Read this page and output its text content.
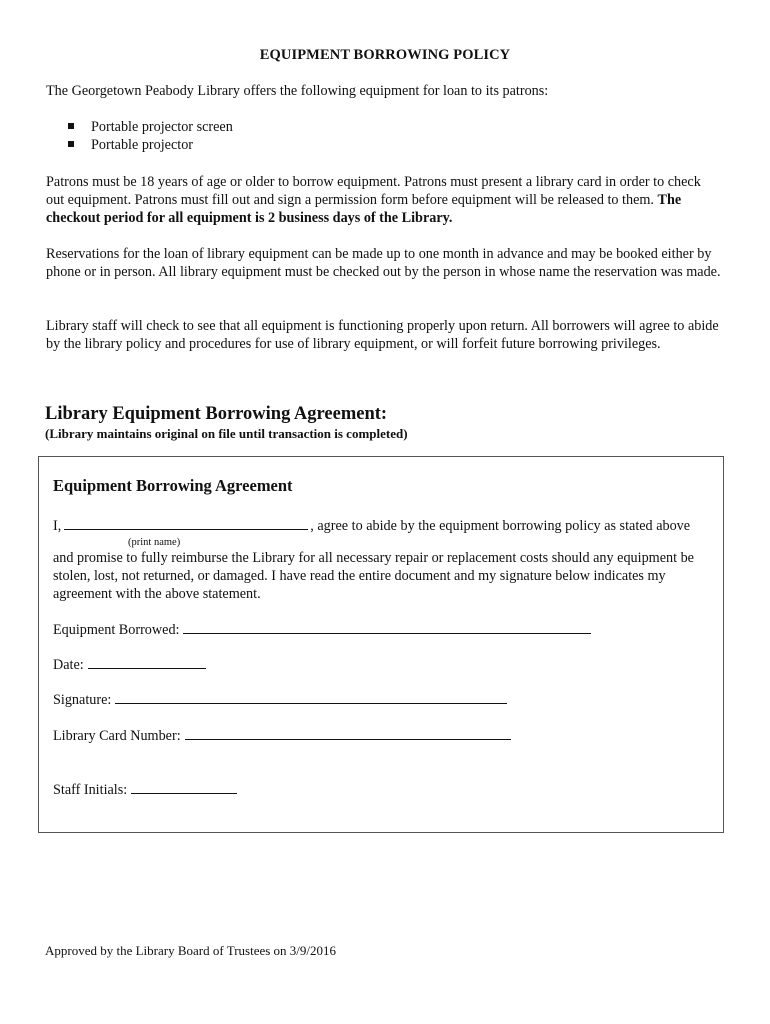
EQUIPMENT BORROWING POLICY
The Georgetown Peabody Library offers the following equipment for loan to its patrons:
Portable projector screen
Portable projector
Patrons must be 18 years of age or older to borrow equipment. Patrons must present a library card in order to check out equipment. Patrons must fill out and sign a permission form before equipment will be released to them. The checkout period for all equipment is 2 business days of the Library.
Reservations for the loan of library equipment can be made up to one month in advance and may be booked either by phone or in person. All library equipment must be checked out by the person in whose name the reservation was made.
Library staff will check to see that all equipment is functioning properly upon return. All borrowers will agree to abide by the library policy and procedures for use of library equipment, or will forfeit future borrowing privileges.
Library Equipment Borrowing Agreement:
(Library maintains original on file until transaction is completed)
Equipment Borrowing Agreement
I,	, agree to abide by the equipment borrowing policy as stated above
(print name)
and promise to fully reimburse the Library for all necessary repair or replacement costs should any equipment be stolen, lost, not returned, or damaged. I have read the entire document and my signature below indicates my agreement with the above statement.
Equipment Borrowed:
Date:
Signature:
Library Card Number:
Staff Initials:
Approved by the Library Board of Trustees on 3/9/2016
